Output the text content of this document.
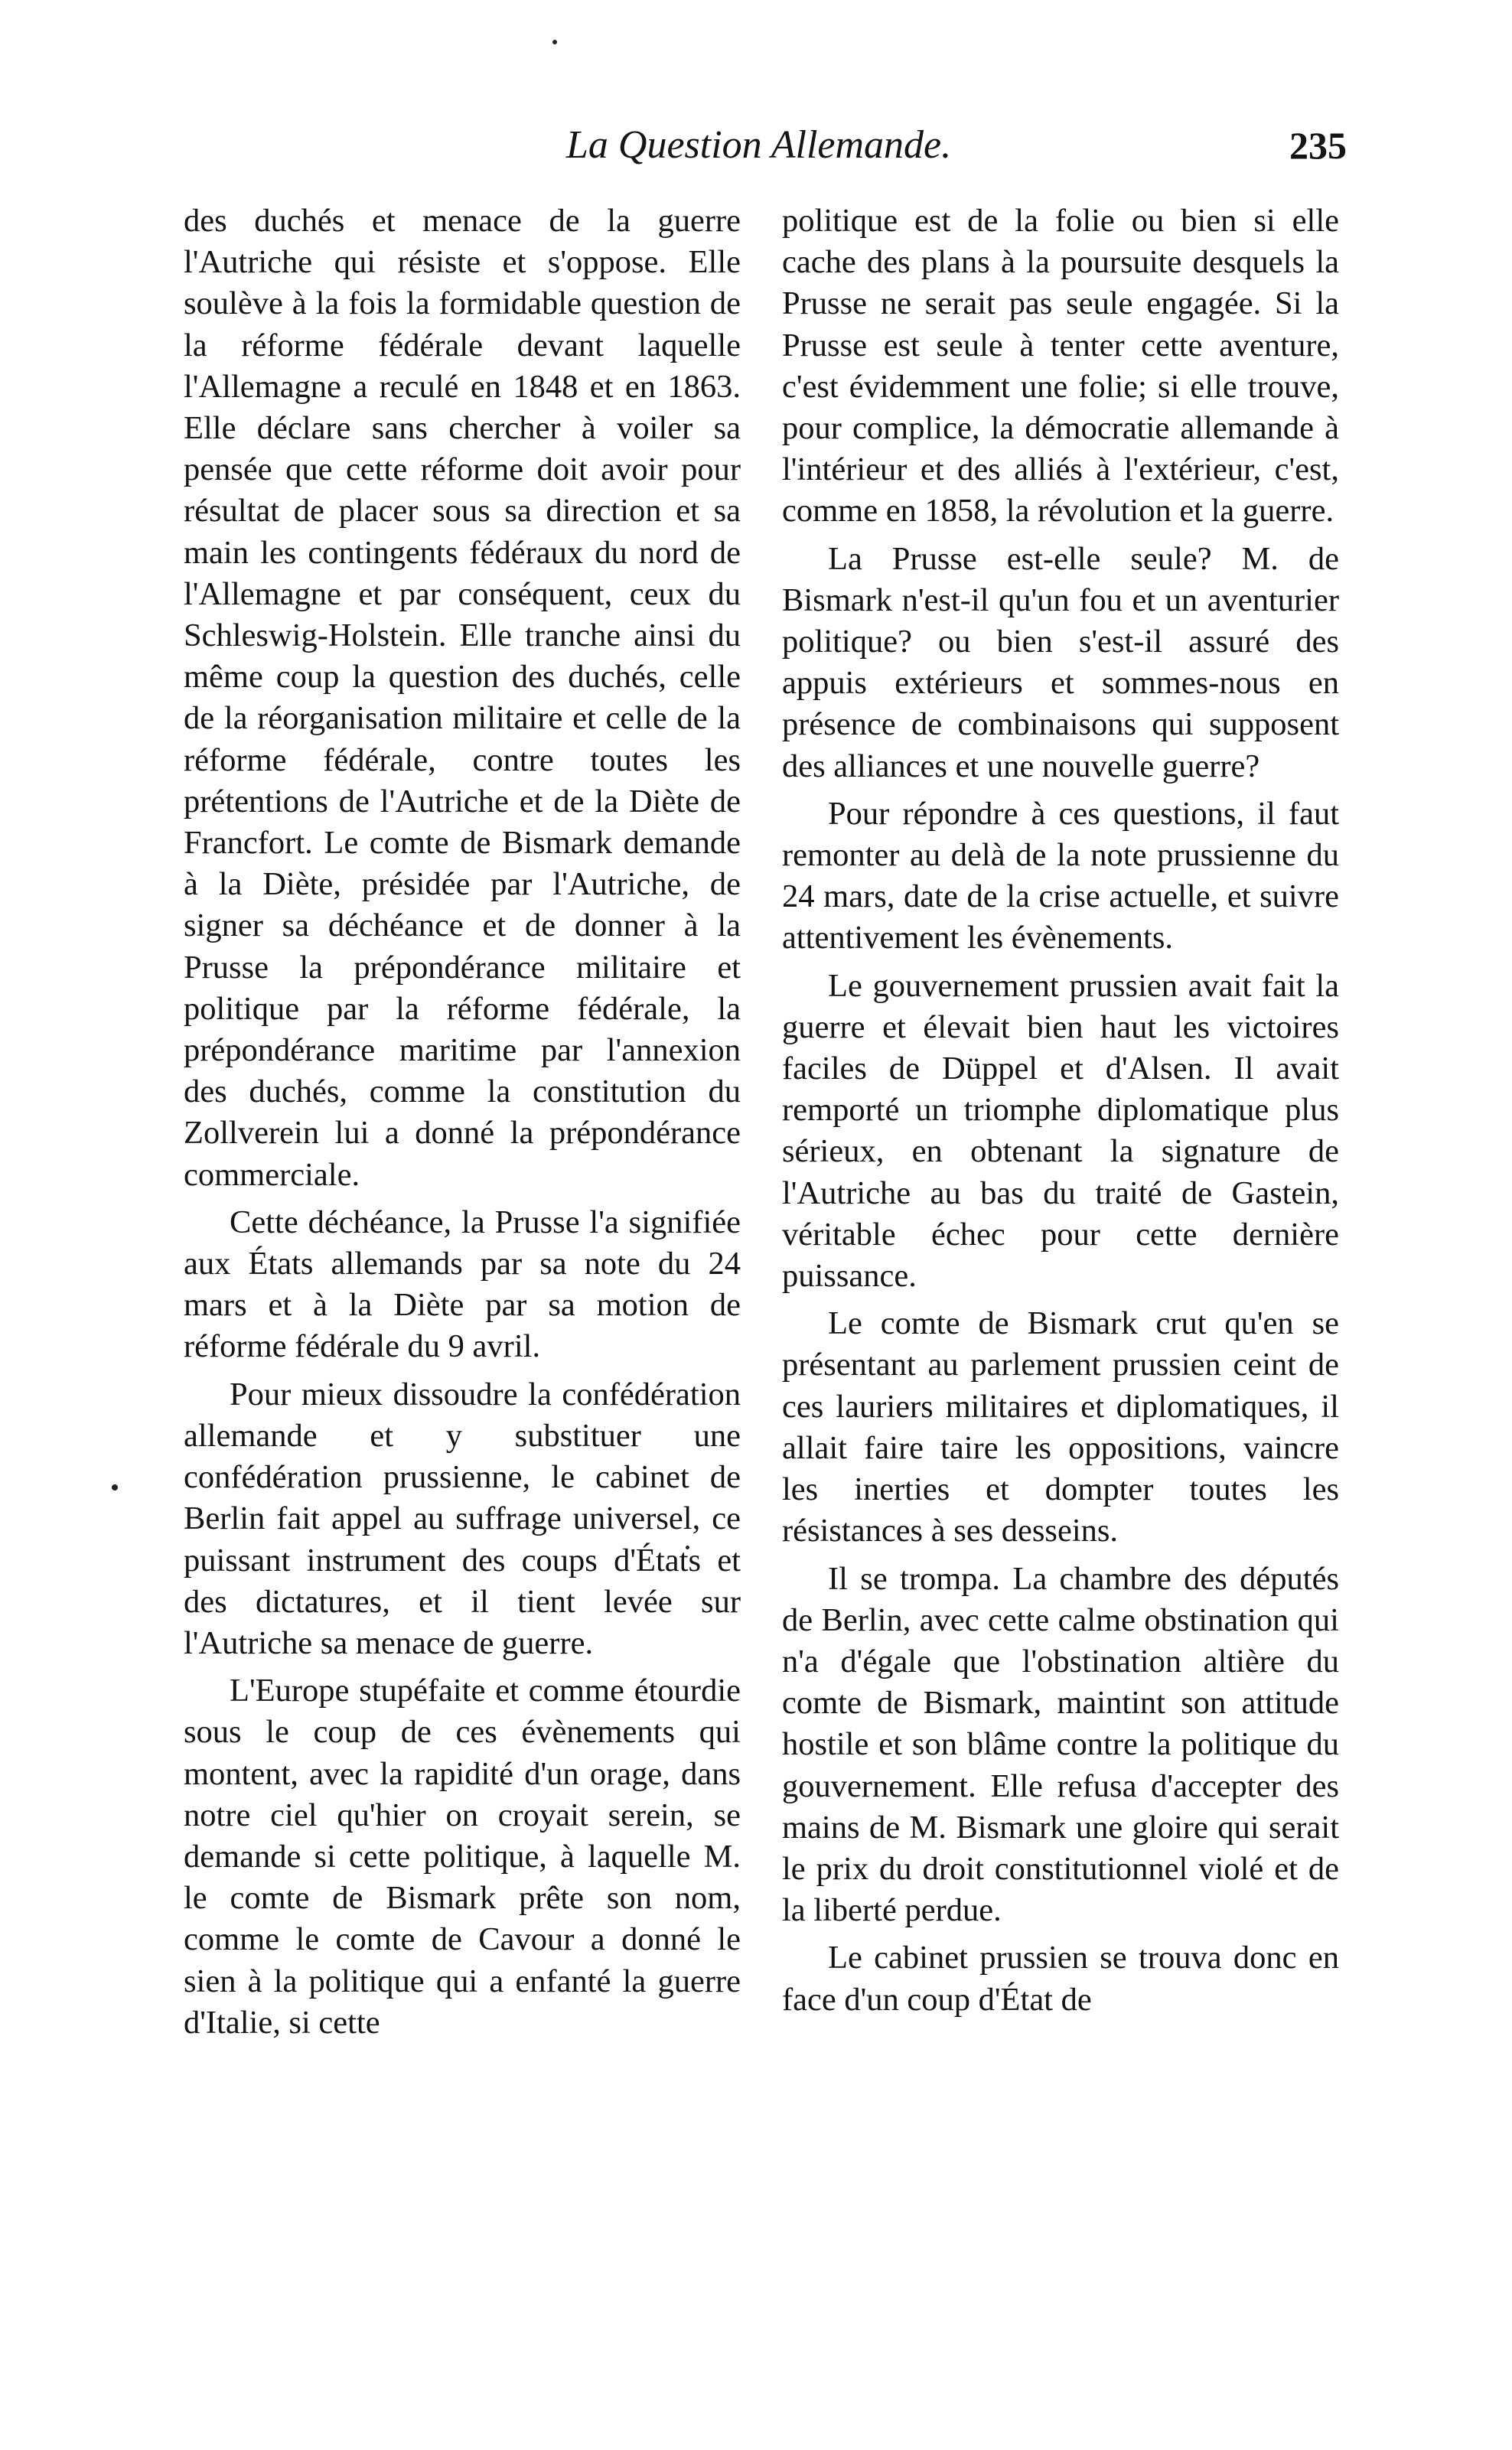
La Question Allemande.	235

des duchés et menace de la guerre l'Autriche qui résiste et s'oppose. Elle soulève à la fois la formidable question de la réforme fédérale devant laquelle l'Allemagne a reculé en 1848 et en 1863. Elle déclare sans chercher à voiler sa pensée que cette réforme doit avoir pour résultat de placer sous sa direction et sa main les contingents fédéraux du nord de l'Allemagne et par conséquent, ceux du Schleswig-Holstein. Elle tranche ainsi du même coup la question des duchés, celle de la réorganisation militaire et celle de la réforme fédérale, contre toutes les prétentions de l'Autriche et de la Diète de Francfort. Le comte de Bismark demande à la Diète, présidée par l'Autriche, de signer sa déchéance et de donner à la Prusse la prépondérance militaire et politique par la réforme fédérale, la prépondérance maritime par l'annexion des duchés, comme la constitution du Zollverein lui a donné la prépondérance commerciale.

Cette déchéance, la Prusse l'a signifiée aux États allemands par sa note du 24 mars et à la Diète par sa motion de réforme fédérale du 9 avril.

Pour mieux dissoudre la confédération allemande et y substituer une confédération prussienne, le cabinet de Berlin fait appel au suffrage universel, ce puissant instrument des coups d'États et des dictatures, et il tient levée sur l'Autriche sa menace de guerre.

L'Europe stupéfaite et comme étourdie sous le coup de ces évènements qui montent, avec la rapidité d'un orage, dans notre ciel qu'hier on croyait serein, se demande si cette politique, à laquelle M. le comte de Bismark prête son nom, comme le comte de Cavour a donné le sien à la politique qui a enfanté la guerre d'Italie, si cette

politique est de la folie ou bien si elle cache des plans à la poursuite desquels la Prusse ne serait pas seule engagée. Si la Prusse est seule à tenter cette aventure, c'est évidemment une folie; si elle trouve, pour complice, la démocratie allemande à l'intérieur et des alliés à l'extérieur, c'est, comme en 1858, la révolution et la guerre.

La Prusse est-elle seule? M. de Bismark n'est-il qu'un fou et un aventurier politique? ou bien s'est-il assuré des appuis extérieurs et sommes-nous en présence de combinaisons qui supposent des alliances et une nouvelle guerre?

Pour répondre à ces questions, il faut remonter au delà de la note prussienne du 24 mars, date de la crise actuelle, et suivre attentivement les évènements.

Le gouvernement prussien avait fait la guerre et élevait bien haut les victoires faciles de Düppel et d'Alsen. Il avait remporté un triomphe diplomatique plus sérieux, en obtenant la signature de l'Autriche au bas du traité de Gastein, véritable échec pour cette dernière puissance.

Le comte de Bismark crut qu'en se présentant au parlement prussien ceint de ces lauriers militaires et diplomatiques, il allait faire taire les oppositions, vaincre les inerties et dompter toutes les résistances à ses desseins.

Il se trompa. La chambre des députés de Berlin, avec cette calme obstination qui n'a d'égale que l'obstination altière du comte de Bismark, maintint son attitude hostile et son blâme contre la politique du gouvernement. Elle refusa d'accepter des mains de M. Bismark une gloire qui serait le prix du droit constitutionnel violé et de la liberté perdue.

Le cabinet prussien se trouva donc en face d'un coup d'État de
